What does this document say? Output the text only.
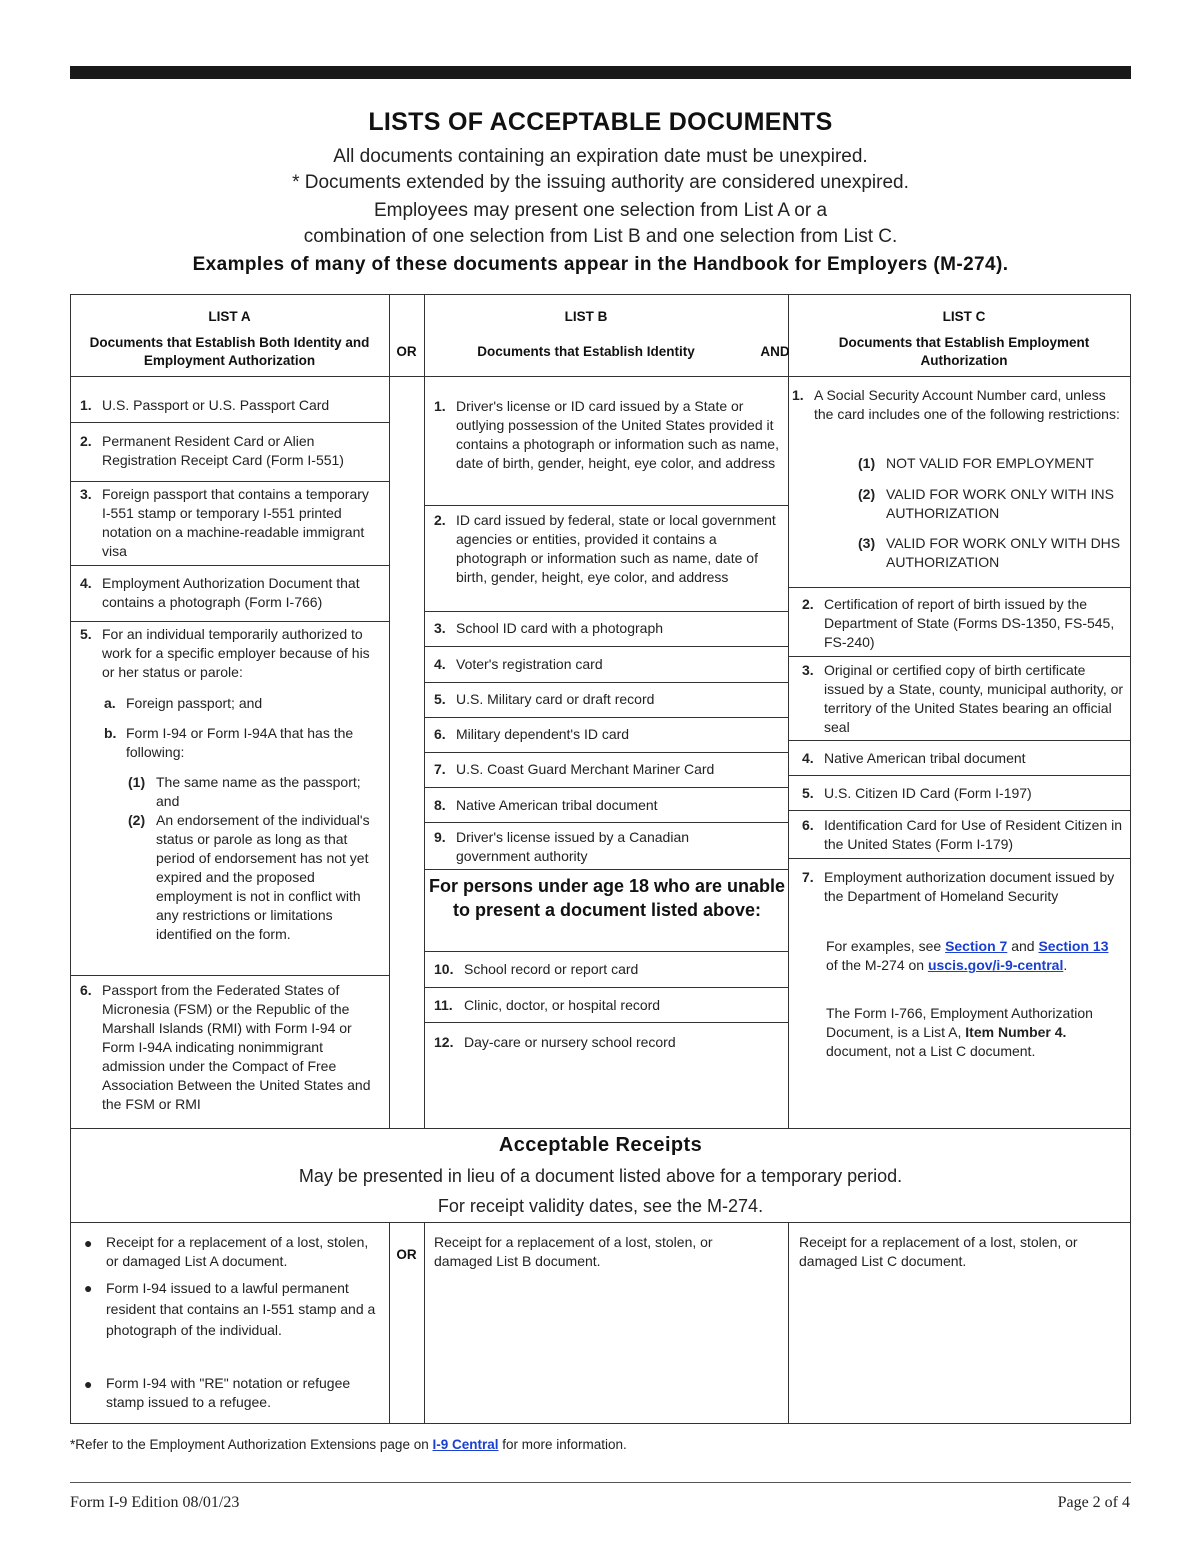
LISTS OF ACCEPTABLE DOCUMENTS
All documents containing an expiration date must be unexpired.
* Documents extended by the issuing authority are considered unexpired.
Employees may present one selection from List A or a
combination of one selection from List B and one selection from List C.
Examples of many of these documents appear in the Handbook for Employers (M-274).
LIST A
Documents that Establish Both Identity and Employment Authorization
OR
LIST B
Documents that Establish Identity	AND
LIST C
Documents that Establish Employment Authorization
1. U.S. Passport or U.S. Passport Card
2. Permanent Resident Card or Alien Registration Receipt Card (Form I-551)
3. Foreign passport that contains a temporary I-551 stamp or temporary I-551 printed notation on a machine-readable immigrant visa
4. Employment Authorization Document that contains a photograph (Form I-766)
5. For an individual temporarily authorized to work for a specific employer because of his or her status or parole:
a. Foreign passport; and
b. Form I-94 or Form I-94A that has the following:
(1) The same name as the passport; and
(2) An endorsement of the individual's status or parole as long as that period of endorsement has not yet expired and the proposed employment is not in conflict with any restrictions or limitations identified on the form.
6. Passport from the Federated States of Micronesia (FSM) or the Republic of the Marshall Islands (RMI) with Form I-94 or Form I-94A indicating nonimmigrant admission under the Compact of Free Association Between the United States and the FSM or RMI
1. Driver's license or ID card issued by a State or outlying possession of the United States provided it contains a photograph or information such as name, date of birth, gender, height, eye color, and address
2. ID card issued by federal, state or local government agencies or entities, provided it contains a photograph or information such as name, date of birth, gender, height, eye color, and address
3. School ID card with a photograph
4. Voter's registration card
5. U.S. Military card or draft record
6. Military dependent's ID card
7. U.S. Coast Guard Merchant Mariner Card
8. Native American tribal document
9. Driver's license issued by a Canadian government authority
For persons under age 18 who are unable to present a document listed above:
10. School record or report card
11. Clinic, doctor, or hospital record
12. Day-care or nursery school record
1. A Social Security Account Number card, unless the card includes one of the following restrictions:
(1) NOT VALID FOR EMPLOYMENT
(2) VALID FOR WORK ONLY WITH INS AUTHORIZATION
(3) VALID FOR WORK ONLY WITH DHS AUTHORIZATION
2. Certification of report of birth issued by the Department of State (Forms DS-1350, FS-545, FS-240)
3. Original or certified copy of birth certificate issued by a State, county, municipal authority, or territory of the United States bearing an official seal
4. Native American tribal document
5. U.S. Citizen ID Card (Form I-197)
6. Identification Card for Use of Resident Citizen in the United States (Form I-179)
7. Employment authorization document issued by the Department of Homeland Security
For examples, see Section 7 and Section 13 of the M-274 on uscis.gov/i-9-central.
The Form I-766, Employment Authorization Document, is a List A, Item Number 4. document, not a List C document.
Acceptable Receipts
May be presented in lieu of a document listed above for a temporary period.
For receipt validity dates, see the M-274.
● Receipt for a replacement of a lost, stolen, or damaged List A document.
● Form I-94 issued to a lawful permanent resident that contains an I-551 stamp and a photograph of the individual.
● Form I-94 with "RE" notation or refugee stamp issued to a refugee.
OR
Receipt for a replacement of a lost, stolen, or damaged List B document.
Receipt for a replacement of a lost, stolen, or damaged List C document.
*Refer to the Employment Authorization Extensions page on I-9 Central for more information.
Form I-9 Edition 08/01/23	Page 2 of 4
